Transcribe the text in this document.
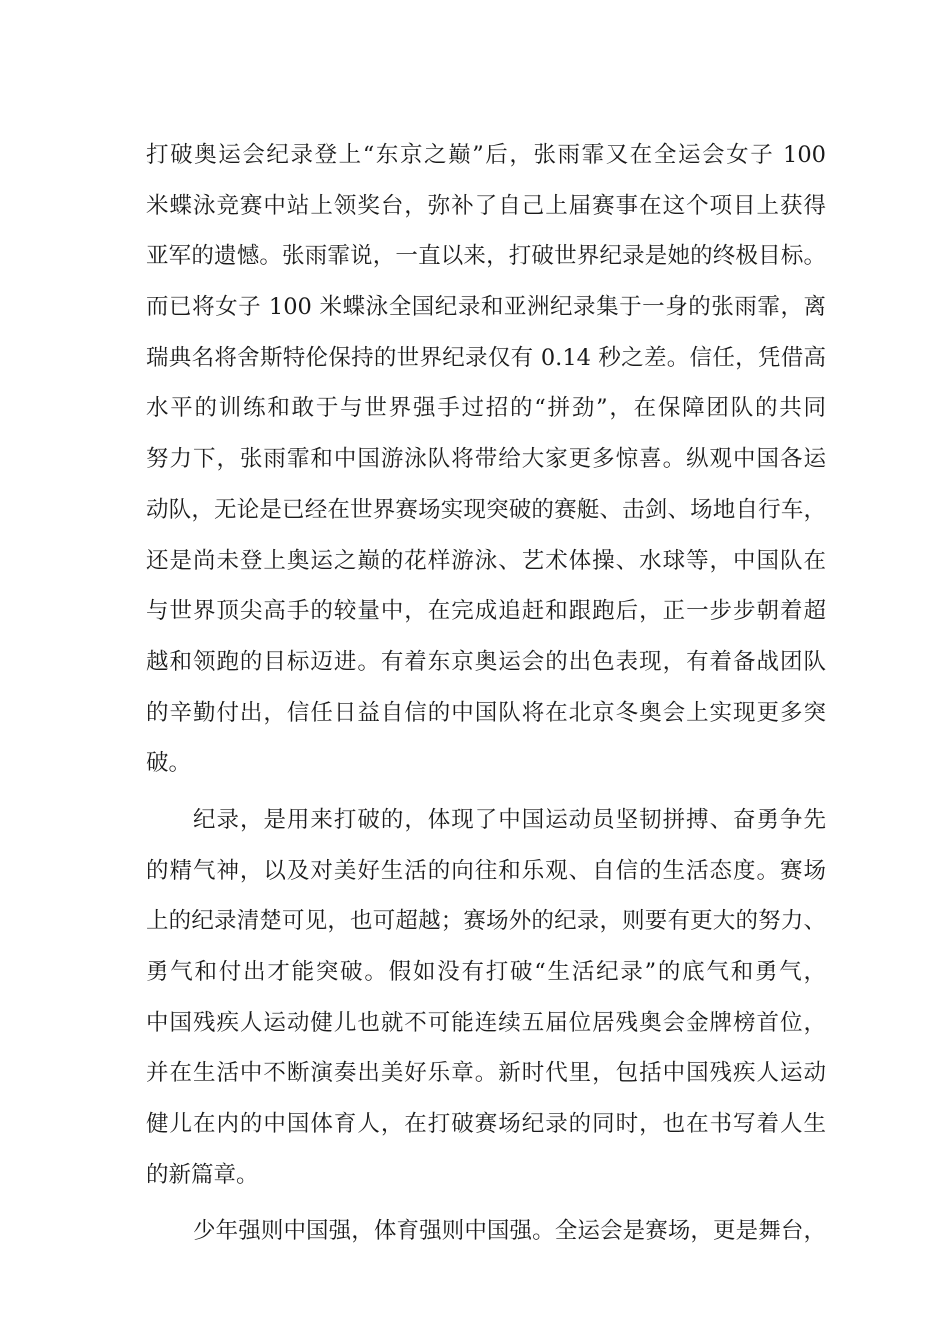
打破奥运会纪录登上“东京之巅”后，张雨霏又在全运会女子 100
米蝶泳竞赛中站上领奖台，弥补了自己上届赛事在这个项目上获得
亚军的遗憾。张雨霏说，一直以来，打破世界纪录是她的终极目标。
而已将女子 100 米蝶泳全国纪录和亚洲纪录集于一身的张雨霏，离
瑞典名将舍斯特伦保持的世界纪录仅有 0.14 秒之差。信任，凭借高
水平的训练和敢于与世界强手过招的“拼劲”，在保障团队的共同
努力下，张雨霏和中国游泳队将带给大家更多惊喜。纵观中国各运
动队，无论是已经在世界赛场实现突破的赛艇、击剑、场地自行车，
还是尚未登上奥运之巅的花样游泳、艺术体操、水球等，中国队在
与世界顶尖高手的较量中，在完成追赶和跟跑后，正一步步朝着超
越和领跑的目标迈进。有着东京奥运会的出色表现，有着备战团队
的辛勤付出，信任日益自信的中国队将在北京冬奥会上实现更多突
破。
纪录，是用来打破的，体现了中国运动员坚韧拼搏、奋勇争先
的精气神，以及对美好生活的向往和乐观、自信的生活态度。赛场
上的纪录清楚可见，也可超越；赛场外的纪录，则要有更大的努力、
勇气和付出才能突破。假如没有打破“生活纪录”的底气和勇气，
中国残疾人运动健儿也就不可能连续五届位居残奥会金牌榜首位，
并在生活中不断演奏出美好乐章。新时代里，包括中国残疾人运动
健儿在内的中国体育人，在打破赛场纪录的同时，也在书写着人生
的新篇章。
少年强则中国强，体育强则中国强。全运会是赛场，更是舞台，
